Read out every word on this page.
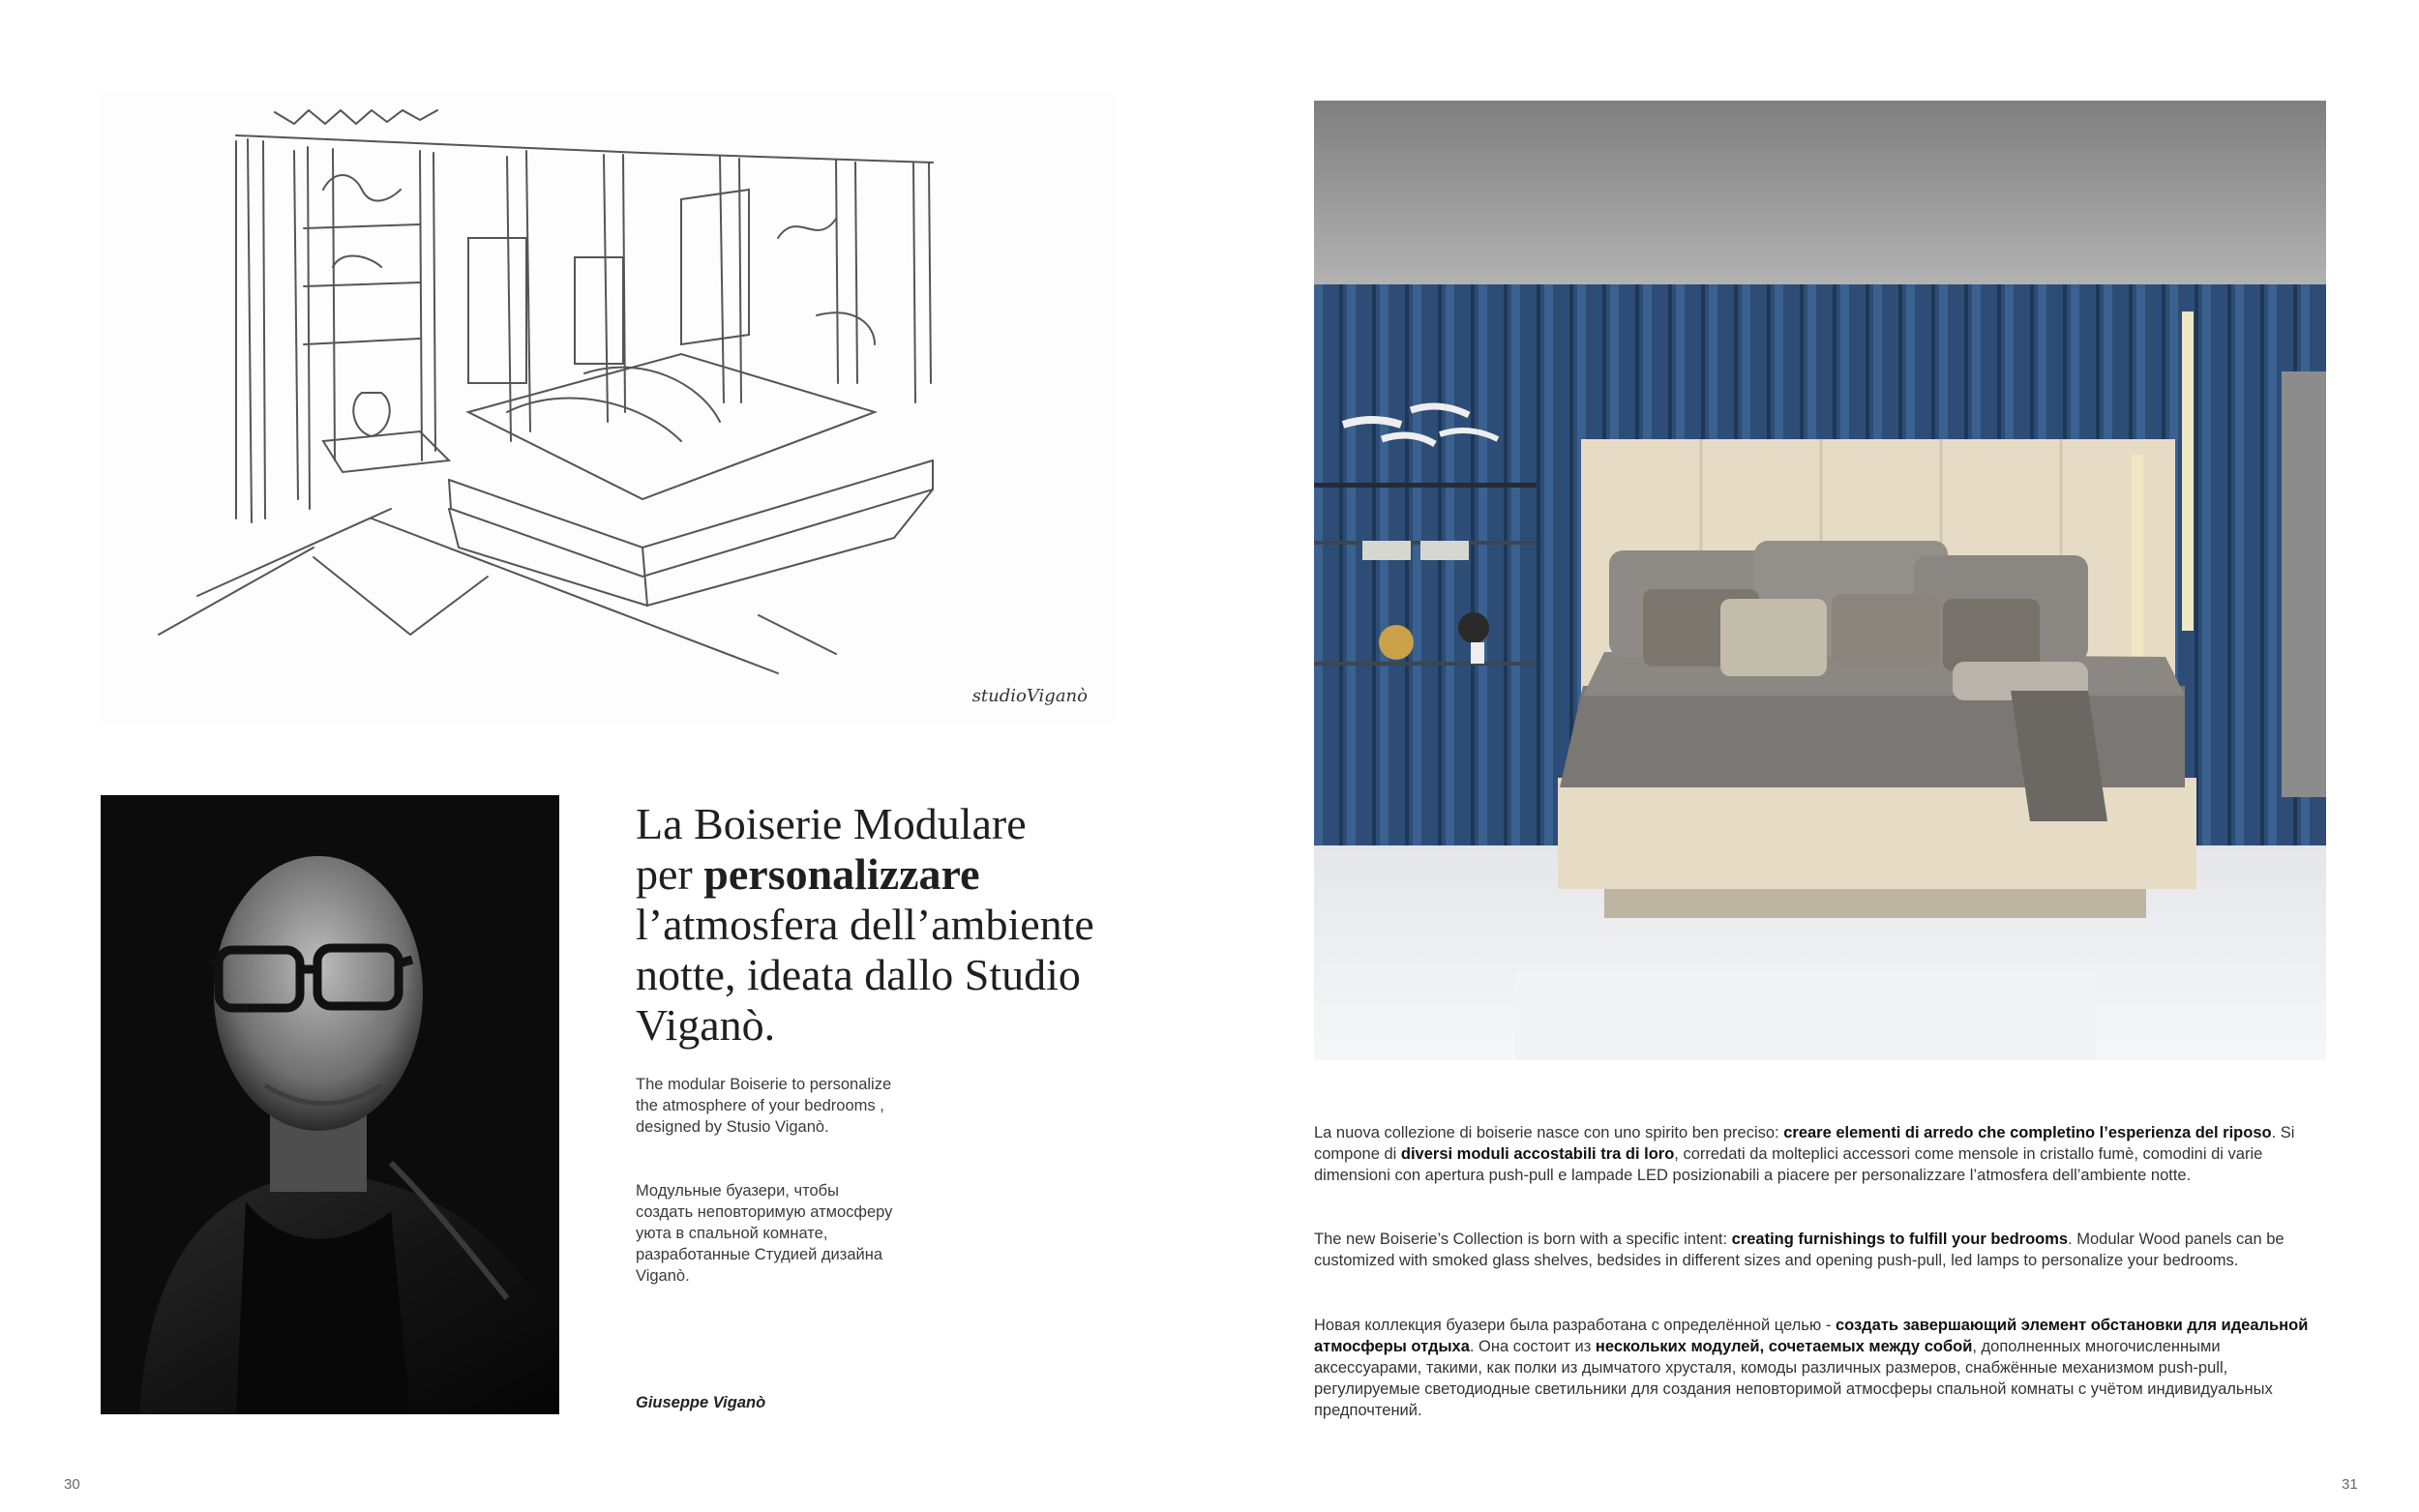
studioViganò
La Boiserie Modulare
per personalizzare
l’atmosfera dell’ambiente
notte, ideata dallo Studio
Viganò.
The modular Boiserie to personalize the atmosphere of your bedrooms , designed by Stusio Viganò.
Модульные буазери, чтобы создать неповторимую атмосферу уюта в спальной комнате, разработанные Студией дизайна Viganò.
Giuseppe Viganò
La nuova collezione di boiserie nasce con uno spirito ben preciso: creare elementi di arredo che completino l’esperienza del riposo. Si compone di diversi moduli accostabili tra di loro, corredati da molteplici accessori come mensole in cristallo fumè, comodini di varie dimensioni con apertura push-pull e lampade LED posizionabili a piacere per personalizzare l’atmosfera dell’ambiente notte.
The new Boiserie’s Collection is born with a specific intent: creating furnishings to fulfill your bedrooms. Modular Wood panels can be customized with smoked glass shelves, bedsides in different sizes and opening push-pull, led lamps to personalize your bedrooms.
Новая коллекция буазери была разработана с определённой целью - создать завершающий элемент обстановки для идеальной атмосферы отдыха. Она состоит из нескольких модулей, сочетаемых между собой, дополненных многочисленными аксессуарами, такими, как полки из дымчатого хрусталя, комоды различных размеров, снабжённые механизмом push-pull, регулируемые светодиодные светильники для создания неповторимой атмосферы спальной комнаты с учётом индивидуальных предпочтений.
30	31
